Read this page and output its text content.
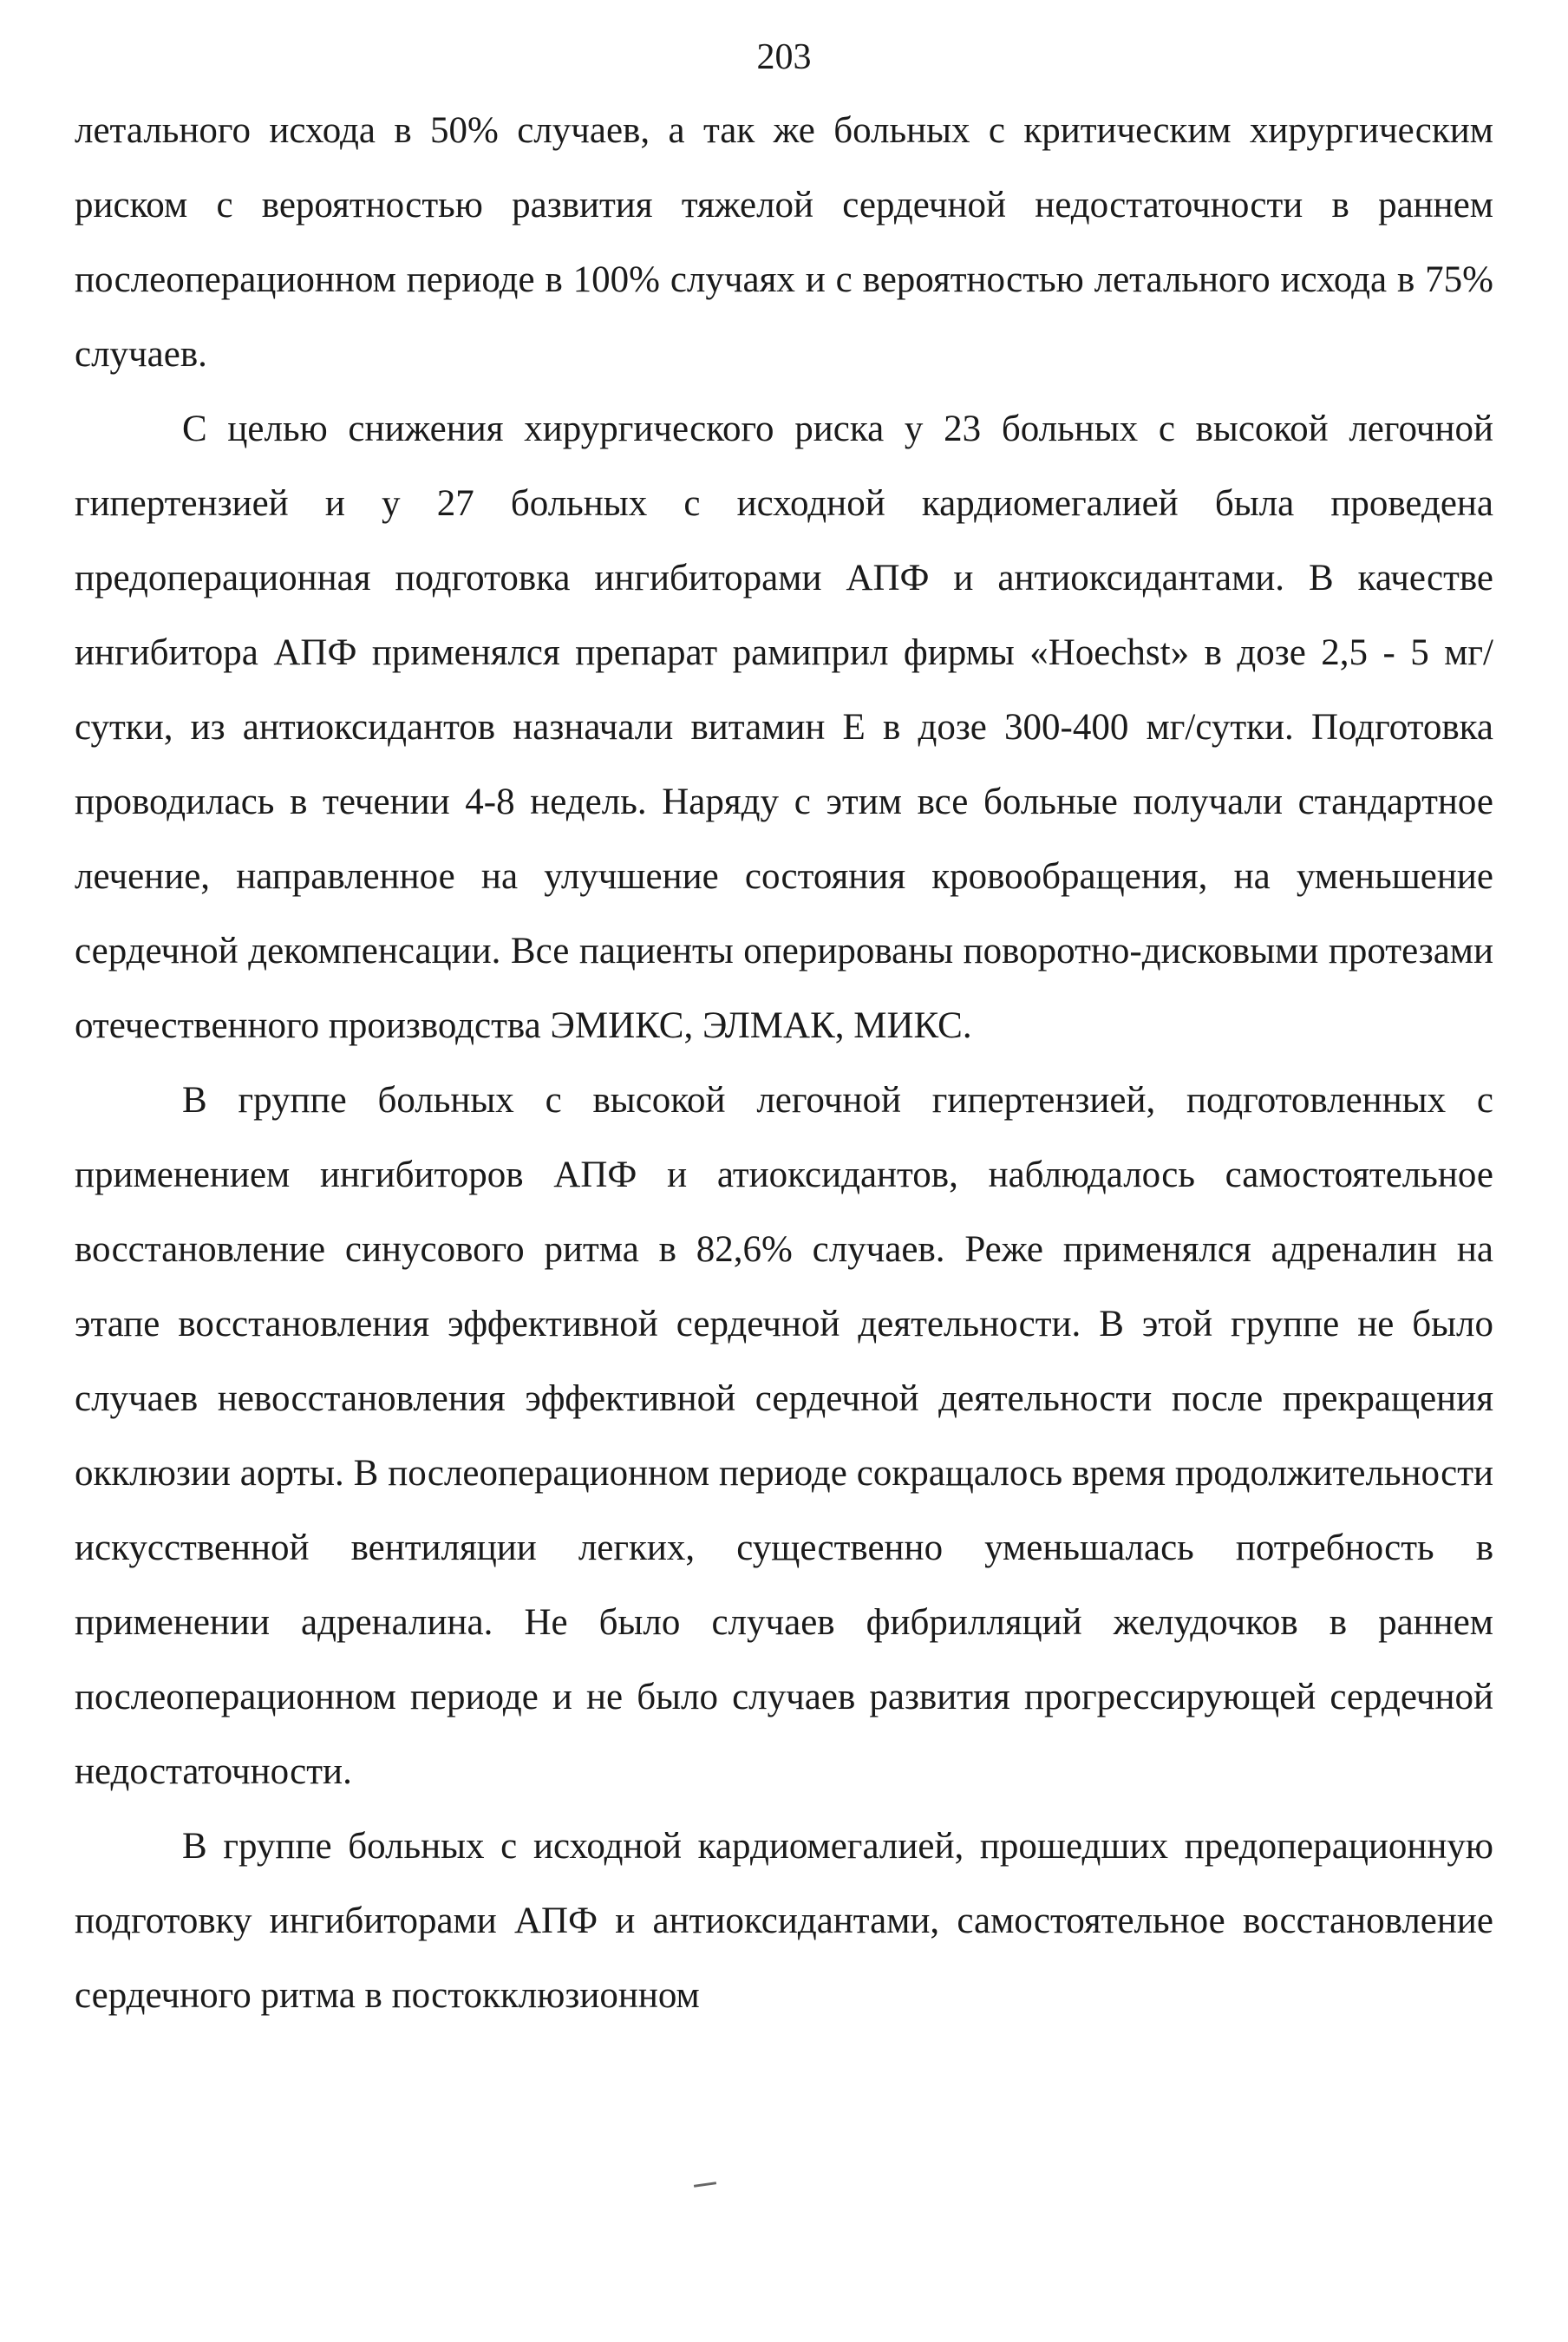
203

летального исхода в 50% случаев, а так же больных с критическим хирургическим риском с вероятностью развития тяжелой сердечной недостаточности в раннем послеоперационном периоде в 100% случаях и с вероятностью летального исхода в 75% случаев.

С целью снижения хирургического риска у 23 больных с высокой легочной гипертензией и у 27 больных с исходной кардиомегалией была проведена предоперационная подготовка ингибиторами АПФ и антиоксидантами. В качестве ингибитора АПФ применялся препарат рамиприл фирмы «Hoechst» в дозе 2,5 - 5 мг/сутки, из антиоксидантов назначали витамин Е в дозе 300-400 мг/сутки. Подготовка проводилась в течении 4-8 недель. Наряду с этим все больные получали стандартное лечение, направленное на улучшение состояния кровообращения, на уменьшение сердечной декомпенсации. Все пациенты оперированы поворотно-дисковыми протезами отечественного производства ЭМИКС, ЭЛМАК, МИКС.

В группе больных с высокой легочной гипертензией, подготовленных с применением ингибиторов АПФ и атиоксидантов, наблюдалось самостоятельное восстановление синусового ритма в 82,6% случаев. Реже применялся адреналин на этапе восстановления эффективной сердечной деятельности. В этой группе не было случаев невосстановления эффективной сердечной деятельности после прекращения окклюзии аорты. В послеоперационном периоде сокращалось время продолжительности искусственной вентиляции легких, существенно уменьшалась потребность в применении адреналина. Не было случаев фибрилляций желудочков в раннем послеоперационном периоде и не было случаев развития прогрессирующей сердечной недостаточности.

В группе больных с исходной кардиомегалией, прошедших предоперационную подготовку ингибиторами АПФ и антиоксидантами, самостоятельное восстановление сердечного ритма в постокклюзионном
